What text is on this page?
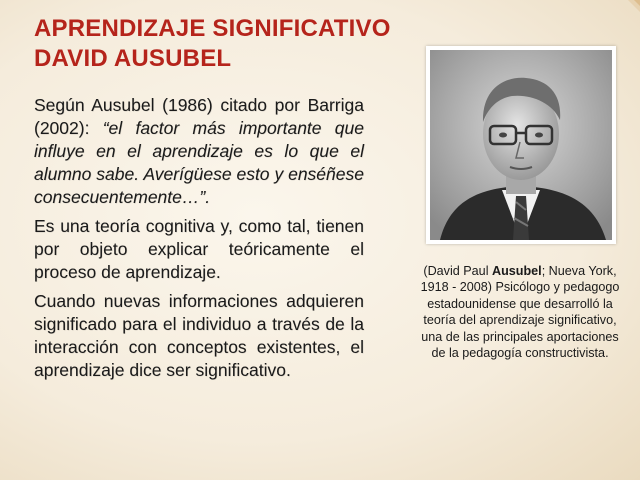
APRENDIZAJE SIGNIFICATIVO
DAVID AUSUBEL
Según Ausubel (1986) citado por Barriga (2002): “el factor más importante que influye en el aprendizaje es lo que el alumno sabe. Averígüese esto y enséñese consecuentemente…”.
Es una teoría cognitiva y, como tal, tienen por objeto explicar teóricamente el proceso de aprendizaje.
Cuando nuevas informaciones adquieren significado para el individuo a través de la interacción con conceptos existentes, el aprendizaje dice ser significativo.
(David Paul Ausubel; Nueva York, 1918 - 2008) Psicólogo y pedagogo estadounidense que desarrolló la teoría del aprendizaje significativo, una de las principales aportaciones de la pedagogía constructivista.
